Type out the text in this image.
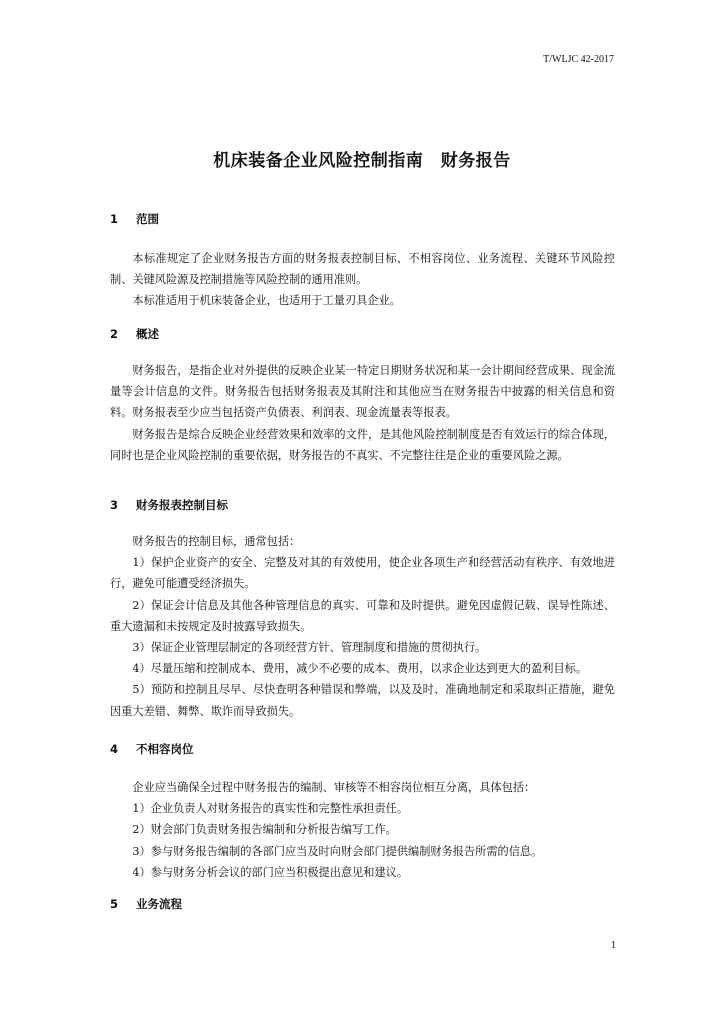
T/WLJC 42-2017
机床装备企业风险控制指南　财务报告
1 范围

本标准规定了企业财务报告方面的财务报表控制目标、不相容岗位、业务流程、关键环节风险控制、关键风险源及控制措施等风险控制的通用准则。

本标准适用于机床装备企业，也适用于工量刃具企业。

2 概述

财务报告，是指企业对外提供的反映企业某一特定日期财务状况和某一会计期间经营成果、现金流量等会计信息的文件。财务报告包括财务报表及其附注和其他应当在财务报告中披露的相关信息和资料。财务报表至少应当包括资产负债表、利润表、现金流量表等报表。

财务报告是综合反映企业经营效果和效率的文件，是其他风险控制制度是否有效运行的综合体现，同时也是企业风险控制的重要依据，财务报告的不真实、不完整往往是企业的重要风险之源。

3 财务报表控制目标

财务报告的控制目标，通常包括：

1）保护企业资产的安全、完整及对其的有效使用，使企业各项生产和经营活动有秩序、有效地进行，避免可能遭受经济损失。

2）保证会计信息及其他各种管理信息的真实、可靠和及时提供。避免因虚假记载、误导性陈述、重大遗漏和未按规定及时披露导致损失。

3）保证企业管理层制定的各项经营方针、管理制度和措施的贯彻执行。

4）尽量压缩和控制成本、费用，减少不必要的成本、费用，以求企业达到更大的盈利目标。

5）预防和控制且尽早、尽快查明各种错误和弊端，以及及时、准确地制定和采取纠正措施，避免因重大差错、舞弊、欺诈而导致损失。

4 不相容岗位

企业应当确保全过程中财务报告的编制、审核等不相容岗位相互分离，具体包括：

1）企业负责人对财务报告的真实性和完整性承担责任。

2）财会部门负责财务报告编制和分析报告编写工作。

3）参与财务报告编制的各部门应当及时向财会部门提供编制财务报告所需的信息。

4）参与财务分析会议的部门应当积极提出意见和建议。

5 业务流程
1
